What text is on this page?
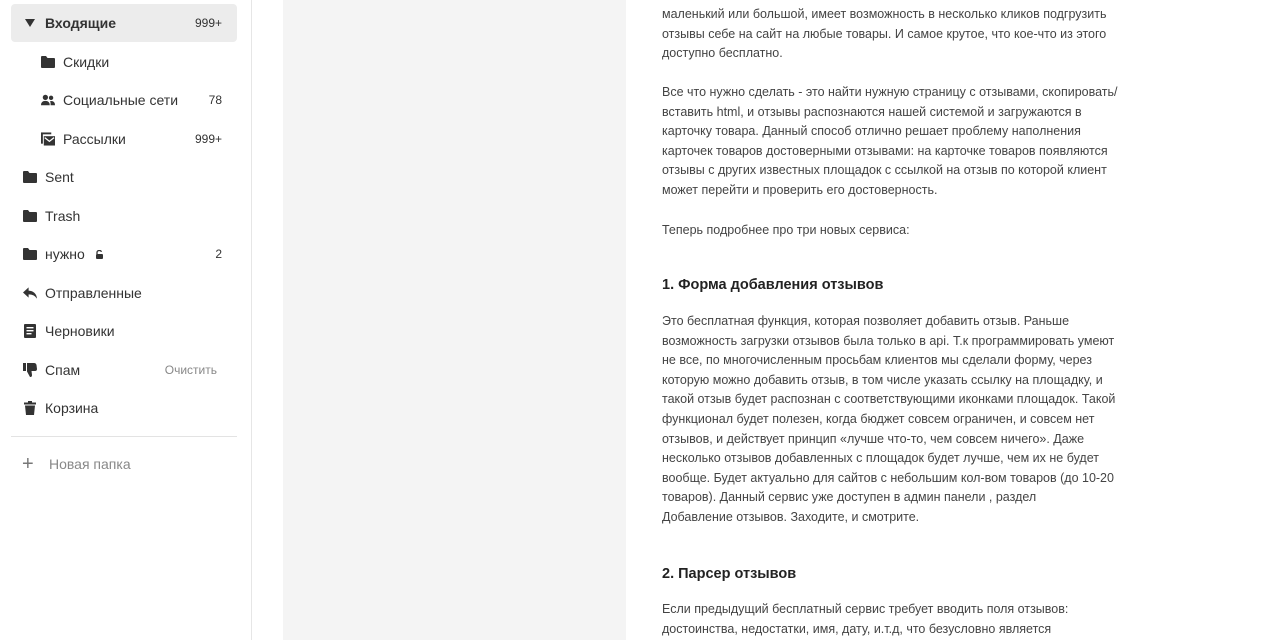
Входящие	999+
Скидки
Социальные сети	78
Рассылки	999+
Sent
Trash
нужно	2
Отправленные
Черновики
Спам	Очистить
Корзина
+	Новая папка
маленький или большой, имеет возможность в несколько кликов подгрузить
отзывы себе на сайт на любые товары. И самое крутое, что кое-что из этого
доступно бесплатно.
Все что нужно сделать - это найти нужную страницу с отзывами, скопировать/
вставить html, и отзывы распознаются нашей системой и загружаются в
карточку товара. Данный способ отлично решает проблему наполнения
карточек товаров достоверными отзывами: на карточке товаров появляются
отзывы с других известных площадок с ссылкой на отзыв по которой клиент
может перейти и проверить его достоверность.
Теперь подробнее про три новых сервиса:
1. Форма добавления отзывов
Это бесплатная функция, которая позволяет добавить отзыв. Раньше
возможность загрузки отзывов была только в api. Т.к программировать умеют
не все, по многочисленным просьбам клиентов мы сделали форму, через
которую можно добавить отзыв, в том числе указать ссылку на площадку, и
такой отзыв будет распознан с соответствующими иконками площадок. Такой
функционал будет полезен, когда бюджет совсем ограничен, и совсем нет
отзывов, и действует принцип «лучше что-то, чем совсем ничего». Даже
несколько отзывов добавленных с площадок будет лучше, чем их не будет
вообще. Будет актуально для сайтов с небольшим кол-вом товаров (до 10-20
товаров). Данный сервис уже доступен в админ панели , раздел
Добавление отзывов. Заходите, и смотрите.
2. Парсер отзывов
Если предыдущий бесплатный сервис требует вводить поля отзывов:
достоинства, недостатки, имя, дату, и.т.д, что безусловно является
